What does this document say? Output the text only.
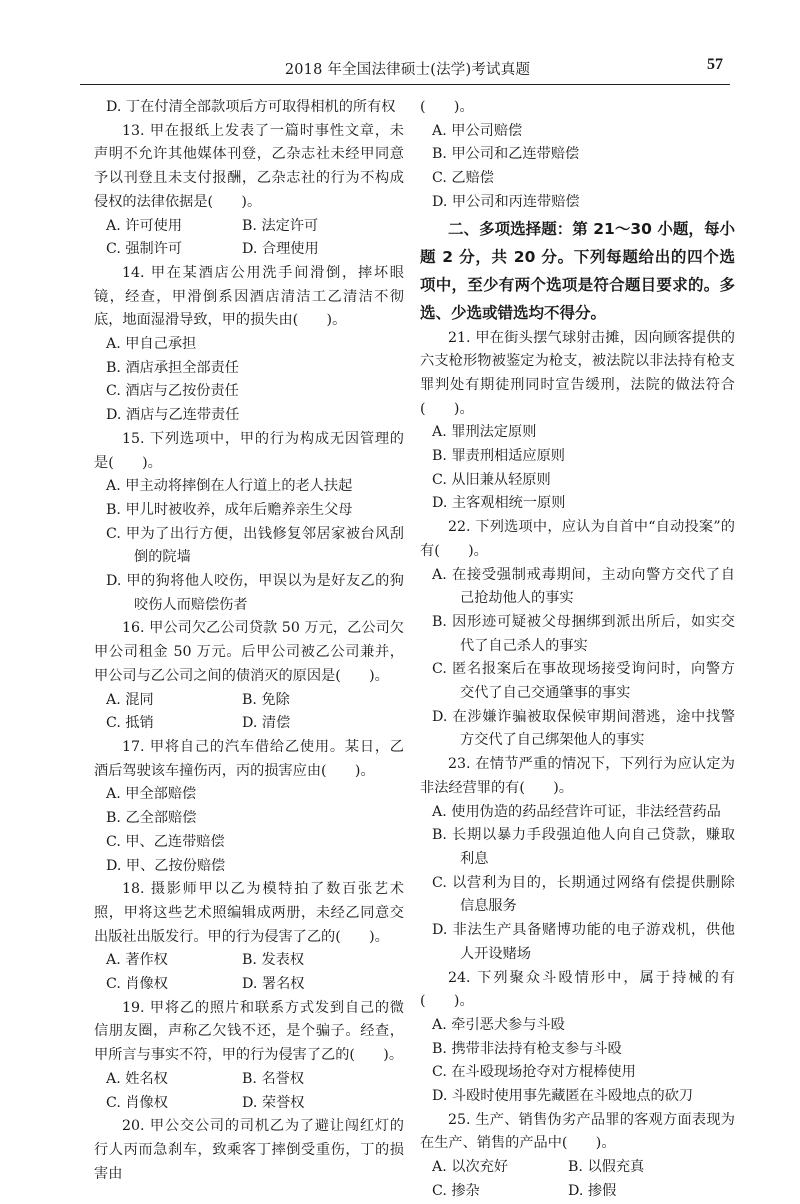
2018 年全国法律硕士(法学)考试真题	57

D. 丁在付清全部款项后方可取得相机的所有权

13. 甲在报纸上发表了一篇时事性文章，未声明不允许其他媒体刊登，乙杂志社未经甲同意予以刊登且未支付报酬，乙杂志社的行为不构成侵权的法律依据是(　　)。

A. 许可使用	B. 法定许可
C. 强制许可	D. 合理使用

14. 甲在某酒店公用洗手间滑倒，摔坏眼镜，经查，甲滑倒系因酒店清洁工乙清洁不彻底，地面湿滑导致，甲的损失由(　　)。

A. 甲自己承担

B. 酒店承担全部责任

C. 酒店与乙按份责任

D. 酒店与乙连带责任

15. 下列选项中，甲的行为构成无因管理的是(　　)。

A. 甲主动将摔倒在人行道上的老人扶起

B. 甲儿时被收养，成年后赡养亲生父母

C. 甲为了出行方便，出钱修复邻居家被台风刮倒的院墙

D. 甲的狗将他人咬伤，甲误以为是好友乙的狗咬伤人而赔偿伤者

16. 甲公司欠乙公司贷款 50 万元，乙公司欠甲公司租金 50 万元。后甲公司被乙公司兼并，甲公司与乙公司之间的债消灭的原因是(　　)。

A. 混同	B. 免除
C. 抵销	D. 清偿

17. 甲将自己的汽车借给乙使用。某日，乙酒后驾驶该车撞伤丙，丙的损害应由(　　)。

A. 甲全部赔偿

B. 乙全部赔偿

C. 甲、乙连带赔偿

D. 甲、乙按份赔偿

18. 摄影师甲以乙为模特拍了数百张艺术照，甲将这些艺术照编辑成两册，未经乙同意交出版社出版发行。甲的行为侵害了乙的(　　)。

A. 著作权	B. 发表权
C. 肖像权	D. 署名权

19. 甲将乙的照片和联系方式发到自己的微信朋友圈，声称乙欠钱不还，是个骗子。经查，甲所言与事实不符，甲的行为侵害了乙的(　　)。

A. 姓名权	B. 名誉权
C. 肖像权	D. 荣誉权

20. 甲公交公司的司机乙为了避让闯红灯的行人丙而急刹车，致乘客丁摔倒受重伤，丁的损害由

(　　)。

A. 甲公司赔偿

B. 甲公司和乙连带赔偿

C. 乙赔偿

D. 甲公司和丙连带赔偿

二、多项选择题：第 21～30 小题，每小题 2 分，共 20 分。下列每题给出的四个选项中，至少有两个选项是符合题目要求的。多选、少选或错选均不得分。

21. 甲在街头摆气球射击摊，因向顾客提供的六支枪形物被鉴定为枪支，被法院以非法持有枪支罪判处有期徒刑同时宣告缓刑，法院的做法符合(　　)。

A. 罪刑法定原则

B. 罪责刑相适应原则

C. 从旧兼从轻原则

D. 主客观相统一原则

22. 下列选项中，应认为自首中“自动投案”的有(　　)。

A. 在接受强制戒毒期间，主动向警方交代了自己抢劫他人的事实

B. 因形迹可疑被父母捆绑到派出所后，如实交代了自己杀人的事实

C. 匿名报案后在事故现场接受询问时，向警方交代了自己交通肇事的事实

D. 在涉嫌诈骗被取保候审期间潜逃，途中找警方交代了自己绑架他人的事实

23. 在情节严重的情况下，下列行为应认定为非法经营罪的有(　　)。

A. 使用伪造的药品经营许可证，非法经营药品

B. 长期以暴力手段强迫他人向自己贷款，赚取利息

C. 以营利为目的，长期通过网络有偿提供删除信息服务

D. 非法生产具备赌博功能的电子游戏机，供他人开设赌场

24. 下列聚众斗殴情形中，属于持械的有(　　)。

A. 牵引恶犬参与斗殴

B. 携带非法持有枪支参与斗殴

C. 在斗殴现场抢夺对方棍棒使用

D. 斗殴时使用事先藏匿在斗殴地点的砍刀

25. 生产、销售伪劣产品罪的客观方面表现为在生产、销售的产品中(　　)。

A. 以次充好	B. 以假充真
C. 掺杂	D. 掺假
